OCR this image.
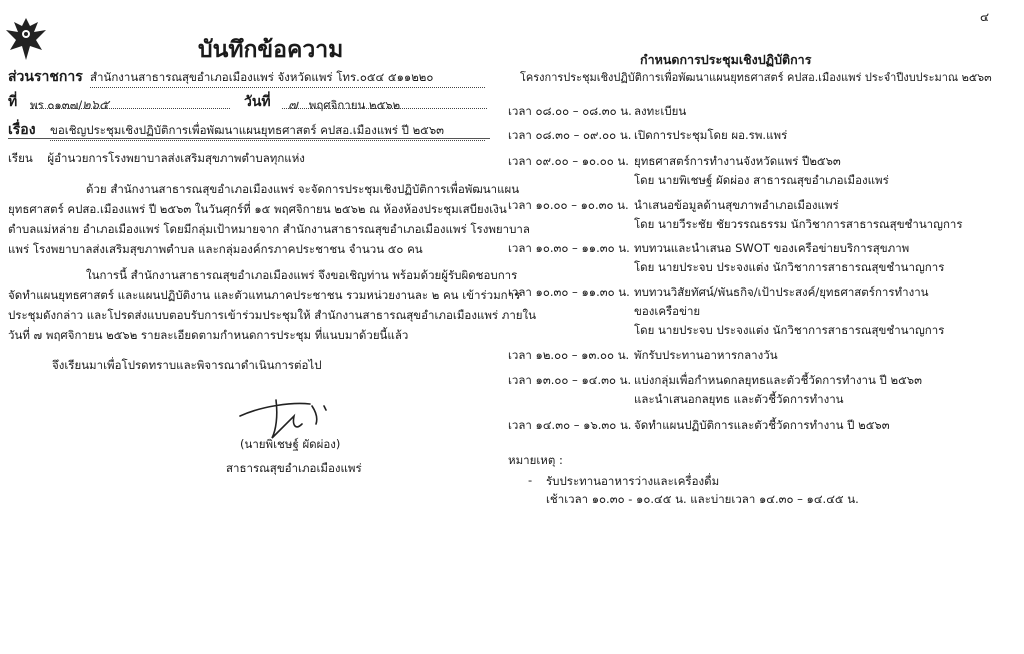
๔
บันทึกข้อความ
ส่วนราชการ สำนักงานสาธารณสุขอำเภอเมืองแพร่ จังหวัดแพร่ โทร.๐๕๔ ๕๑๑๒๒๐
ที่ พร ๐๑๓๗/๒๖๕	วันที่ ๗ พฤศจิกายน ๒๕๖๒
เรื่อง ขอเชิญประชุมเชิงปฏิบัติการเพื่อพัฒนาแผนยุทธศาสตร์ คปสอ.เมืองแพร่ ปี ๒๕๖๓
เรียน ผู้อำนวยการโรงพยาบาลส่งเสริมสุขภาพตำบลทุกแห่ง
ด้วย สำนักงานสาธารณสุขอำเภอเมืองแพร่ จะจัดการประชุมเชิงปฏิบัติการเพื่อพัฒนาแผน
ยุทธศาสตร์ คปสอ.เมืองแพร่ ปี ๒๕๖๓ ในวันศุกร์ที่ ๑๕ พฤศจิกายน ๒๕๖๒ ณ ห้องห้องประชุมเสบียงเงิน
ตำบลแม่หล่าย อำเภอเมืองแพร่ โดยมีกลุ่มเป้าหมายจาก สำนักงานสาธารณสุขอำเภอเมืองแพร่ โรงพยาบาล
แพร่ โรงพยาบาลส่งเสริมสุขภาพตำบล และกลุ่มองค์กรภาคประชาชน จำนวน ๕๐ คน
ในการนี้ สำนักงานสาธารณสุขอำเภอเมืองแพร่ จึงขอเชิญท่าน พร้อมด้วยผู้รับผิดชอบการ
จัดทำแผนยุทธศาสตร์ และแผนปฏิบัติงาน และตัวแทนภาคประชาชน รวมหน่วยงานละ ๒ คน เข้าร่วมการ
ประชุมดังกล่าว และโปรดส่งแบบตอบรับการเข้าร่วมประชุมให้ สำนักงานสาธารณสุขอำเภอเมืองแพร่ ภายใน
วันที่ ๗ พฤศจิกายน ๒๕๖๒ รายละเอียดตามกำหนดการประชุม ที่แนบมาด้วยนี้แล้ว
จึงเรียนมาเพื่อโปรดทราบและพิจารณาดำเนินการต่อไป
(นายพิเชษฐ์ ผัดผ่อง)
สาธารณสุขอำเภอเมืองแพร่
กำหนดการประชุมเชิงปฏิบัติการ
โครงการประชุมเชิงปฏิบัติการเพื่อพัฒนาแผนยุทธศาสตร์ คปสอ.เมืองแพร่ ประจำปีงบประมาณ ๒๕๖๓
เวลา ๐๘.๐๐ – ๐๘.๓๐ น. ลงทะเบียน
เวลา ๐๘.๓๐ – ๐๙.๐๐ น. เปิดการประชุมโดย ผอ.รพ.แพร่
เวลา ๐๙.๐๐ – ๑๐.๐๐ น. ยุทธศาสตร์การทำงานจังหวัดแพร่ ปี๒๕๖๓
โดย นายพิเชษฐ์ ผัดผ่อง สาธารณสุขอำเภอเมืองแพร่
เวลา ๑๐.๐๐ – ๑๐.๓๐ น. นำเสนอข้อมูลด้านสุขภาพอำเภอเมืองแพร่
โดย นายวีระชัย ชัยวรรณธรรม นักวิชาการสาธารณสุขชำนาญการ
เวลา ๑๐.๓๐ – ๑๑.๓๐ น. ทบทวนและนำเสนอ SWOT ของเครือข่ายบริการสุขภาพ
โดย นายประจบ ประจงแต่ง นักวิชาการสาธารณสุขชำนาญการ
เวลา ๑๐.๓๐ – ๑๑.๓๐ น. ทบทวนวิสัยทัศน์/พันธกิจ/เป้าประสงค์/ยุทธศาสตร์การทำงาน
ของเครือข่าย
โดย นายประจบ ประจงแต่ง นักวิชาการสาธารณสุขชำนาญการ
เวลา ๑๒.๐๐ – ๑๓.๐๐ น. พักรับประทานอาหารกลางวัน
เวลา ๑๓.๐๐ – ๑๔.๓๐ น. แบ่งกลุ่มเพื่อกำหนดกลยุทธและตัวชี้วัดการทำงาน ปี ๒๕๖๓
และนำเสนอกลยุทธ และตัวชี้วัดการทำงาน
เวลา ๑๔.๓๐ – ๑๖.๓๐ น. จัดทำแผนปฏิบัติการและตัวชี้วัดการทำงาน ปี ๒๕๖๓
หมายเหตุ :
- รับประทานอาหารว่างและเครื่องดื่ม
เช้าเวลา ๑๐.๓๐ - ๑๐.๔๕ น. และบ่ายเวลา ๑๔.๓๐ – ๑๔.๔๕ น.
